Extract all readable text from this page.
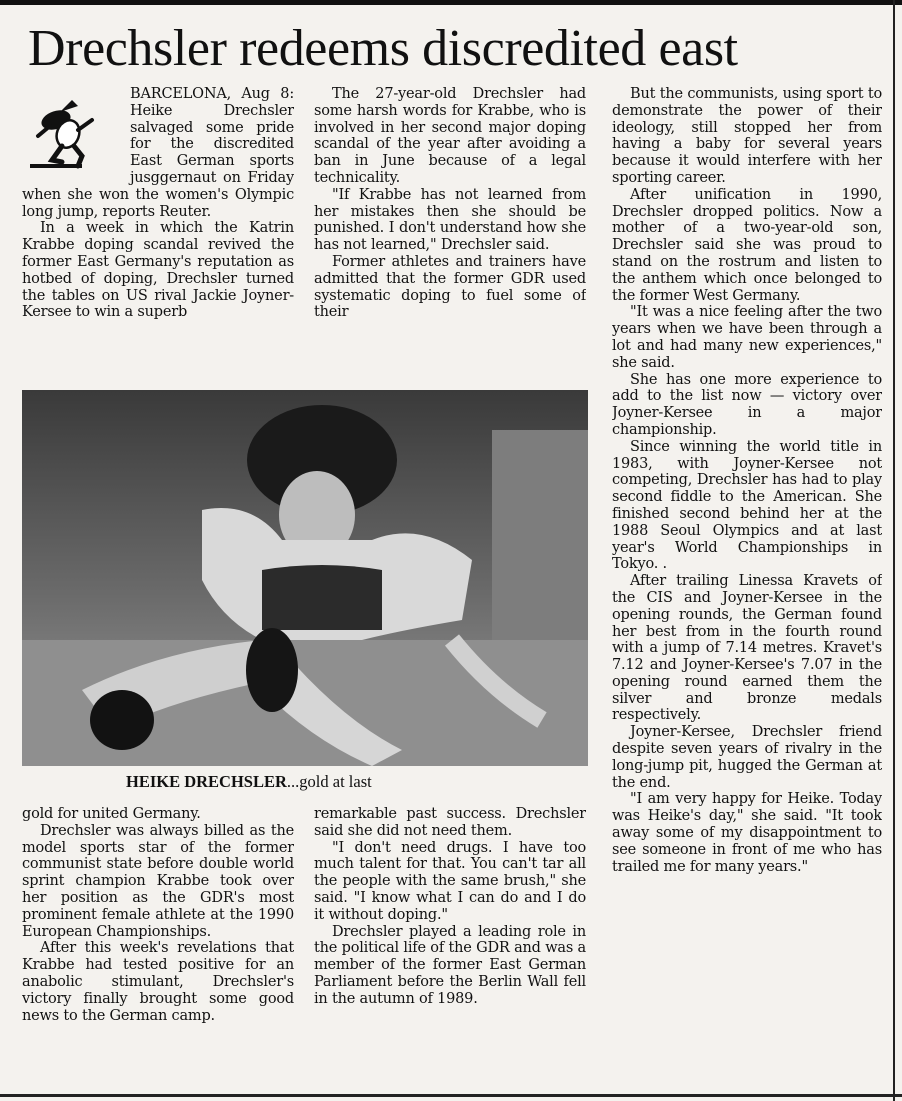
Drechsler redeems discredited east

BARCELONA, Aug 8: Heike Drechsler salvaged some pride for the discredited East German sports jusggernaut on Friday when she won the women's Olympic long jump, reports Reuter.

In a week in which the Katrin Krabbe doping scandal revived the former East Germany's reputation as hotbed of doping, Drechsler turned the tables on US rival Jackie Joyner-Kersee to win a superb

The 27-year-old Drechsler had some harsh words for Krabbe, who is involved in her second major doping scandal of the year after avoiding a ban in June because of a legal technicality.

"If Krabbe has not learned from her mistakes then she should be punished. I don't understand how she has not learned," Drechsler said.

Former athletes and trainers have admitted that the former GDR used systematic doping to fuel some of their

HEIKE DRECHSLER...gold at last

gold for united Germany.

Drechsler was always billed as the model sports star of the former communist state before double world sprint champion Krabbe took over her position as the GDR's most prominent female athlete at the 1990 European Championships.

After this week's revelations that Krabbe had tested positive for an anabolic stimulant, Drechsler's victory finally brought some good news to the German camp.

remarkable past success. Drechsler said she did not need them.

"I don't need drugs. I have too much talent for that. You can't tar all the people with the same brush," she said. "I know what I can do and I do it without doping."

Drechsler played a leading role in the political life of the GDR and was a member of the former East German Parliament before the Berlin Wall fell in the autumn of 1989.

But the communists, using sport to demonstrate the power of their ideology, still stopped her from having a baby for several years because it would interfere with her sporting career.

After unification in 1990, Drechsler dropped politics. Now a mother of a two-year-old son, Drechsler said she was proud to stand on the rostrum and listen to the anthem which once belonged to the former West Germany.

"It was a nice feeling after the two years when we have been through a lot and had many new experiences," she said.

She has one more experience to add to the list now — victory over Joyner-Kersee in a major championship.

Since winning the world title in 1983, with Joyner-Kersee not competing, Drechsler has had to play second fiddle to the American. She finished second behind her at the 1988 Seoul Olympics and at last year's World Championships in Tokyo. .

After trailing Linessa Kravets of the CIS and Joyner-Kersee in the opening rounds, the German found her best from in the fourth round with a jump of 7.14 metres. Kravet's 7.12 and Joyner-Kersee's 7.07 in the opening round earned them the silver and bronze medals respectively.

Joyner-Kersee, Drechsler friend despite seven years of rivalry in the long-jump pit, hugged the German at the end.

"I am very happy for Heike. Today was Heike's day," she said. "It took away some of my disappointment to see someone in front of me who has trailed me for many years."
